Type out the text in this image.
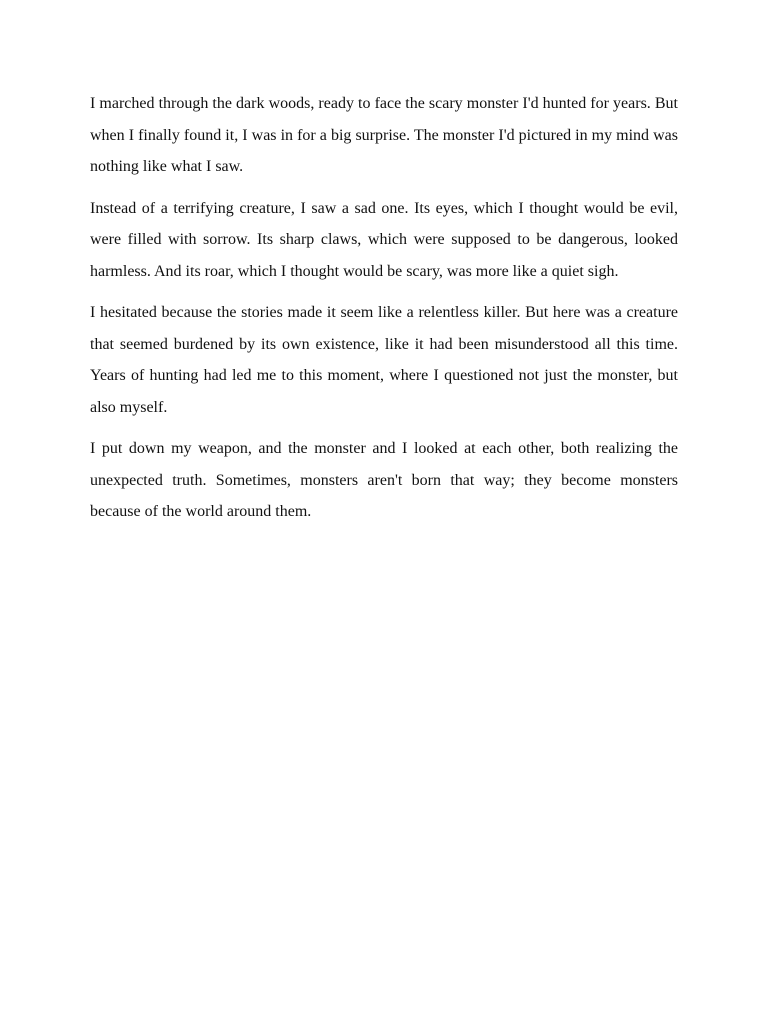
I marched through the dark woods, ready to face the scary monster I'd hunted for years. But when I finally found it, I was in for a big surprise. The monster I'd pictured in my mind was nothing like what I saw.

Instead of a terrifying creature, I saw a sad one. Its eyes, which I thought would be evil, were filled with sorrow. Its sharp claws, which were supposed to be dangerous, looked harmless. And its roar, which I thought would be scary, was more like a quiet sigh.

I hesitated because the stories made it seem like a relentless killer. But here was a creature that seemed burdened by its own existence, like it had been misunderstood all this time. Years of hunting had led me to this moment, where I questioned not just the monster, but also myself.

I put down my weapon, and the monster and I looked at each other, both realizing the unexpected truth. Sometimes, monsters aren't born that way; they become monsters because of the world around them.
